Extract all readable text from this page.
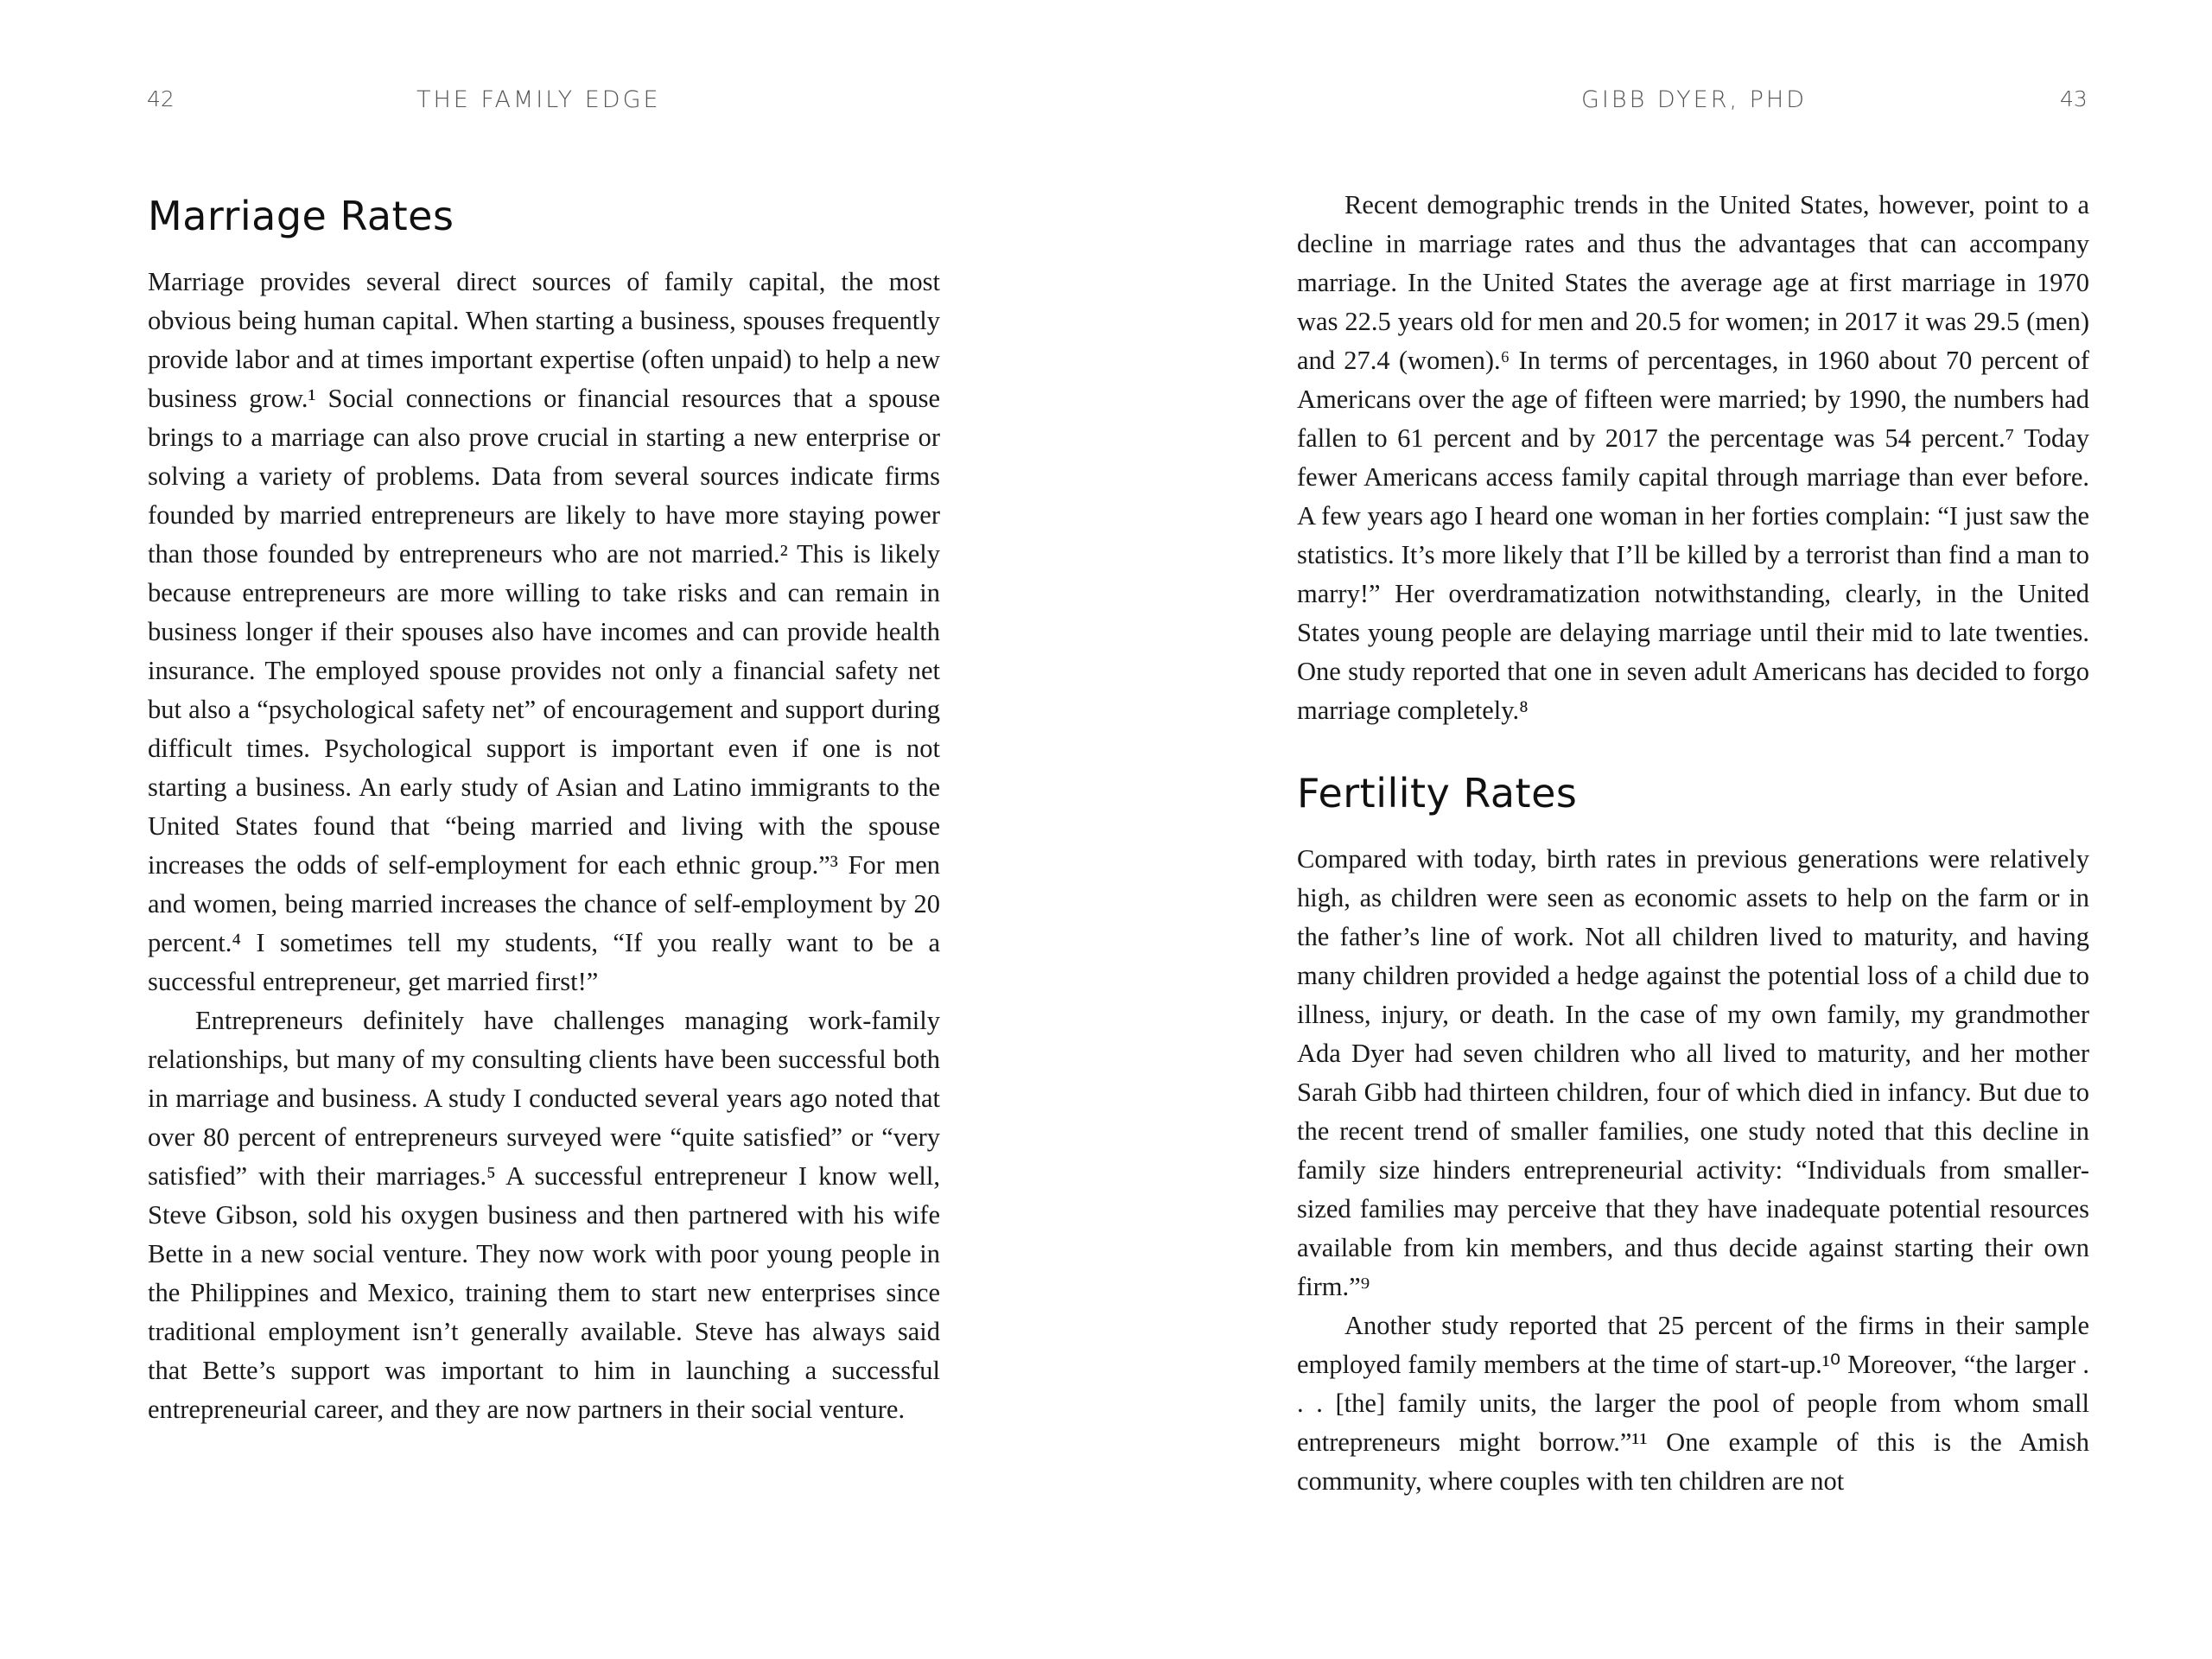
42	THE FAMILY EDGE
Marriage Rates

Marriage provides several direct sources of family capital, the most obvious being human capital. When starting a business, spouses frequently provide labor and at times important expertise (often unpaid) to help a new business grow.¹ Social connections or financial resources that a spouse brings to a marriage can also prove crucial in starting a new enterprise or solving a variety of problems. Data from several sources indicate firms founded by married entrepreneurs are likely to have more staying power than those founded by entrepreneurs who are not married.² This is likely because entrepreneurs are more willing to take risks and can remain in business longer if their spouses also have incomes and can provide health insurance. The employed spouse provides not only a financial safety net but also a “psychological safety net” of encouragement and support during difficult times. Psychological support is important even if one is not starting a business. An early study of Asian and Latino immigrants to the United States found that “being married and living with the spouse increases the odds of self-employment for each ethnic group.”³ For men and women, being married increases the chance of self-employment by 20 percent.⁴ I sometimes tell my students, “If you really want to be a successful entrepreneur, get married first!”

Entrepreneurs definitely have challenges managing work-family relationships, but many of my consulting clients have been successful both in marriage and business. A study I conducted several years ago noted that over 80 percent of entrepreneurs surveyed were “quite satisfied” or “very satisfied” with their marriages.⁵ A successful entrepreneur I know well, Steve Gibson, sold his oxygen business and then partnered with his wife Bette in a new social venture. They now work with poor young people in the Philippines and Mexico, training them to start new enterprises since traditional employment isn’t generally available. Steve has always said that Bette’s support was important to him in launching a successful entrepreneurial career, and they are now partners in their social venture.

GIBB DYER, PHD	43

Recent demographic trends in the United States, however, point to a decline in marriage rates and thus the advantages that can accompany marriage. In the United States the average age at first marriage in 1970 was 22.5 years old for men and 20.5 for women; in 2017 it was 29.5 (men) and 27.4 (women).⁶ In terms of percentages, in 1960 about 70 percent of Americans over the age of fifteen were married; by 1990, the numbers had fallen to 61 percent and by 2017 the percentage was 54 percent.⁷ Today fewer Americans access family capital through marriage than ever before. A few years ago I heard one woman in her forties complain: “I just saw the statistics. It’s more likely that I’ll be killed by a terrorist than find a man to marry!” Her overdramatization notwithstanding, clearly, in the United States young people are delaying marriage until their mid to late twenties. One study reported that one in seven adult Americans has decided to forgo marriage completely.⁸

Fertility Rates

Compared with today, birth rates in previous generations were relatively high, as children were seen as economic assets to help on the farm or in the father’s line of work. Not all children lived to maturity, and having many children provided a hedge against the potential loss of a child due to illness, injury, or death. In the case of my own family, my grandmother Ada Dyer had seven children who all lived to maturity, and her mother Sarah Gibb had thirteen children, four of which died in infancy. But due to the recent trend of smaller families, one study noted that this decline in family size hinders entrepreneurial activity: “Individuals from smaller-sized families may perceive that they have inadequate potential resources available from kin members, and thus decide against starting their own firm.”⁹

Another study reported that 25 percent of the firms in their sample employed family members at the time of start-up.¹⁰ Moreover, “the larger . . . [the] family units, the larger the pool of people from whom small entrepreneurs might borrow.”¹¹ One example of this is the Amish community, where couples with ten children are not
